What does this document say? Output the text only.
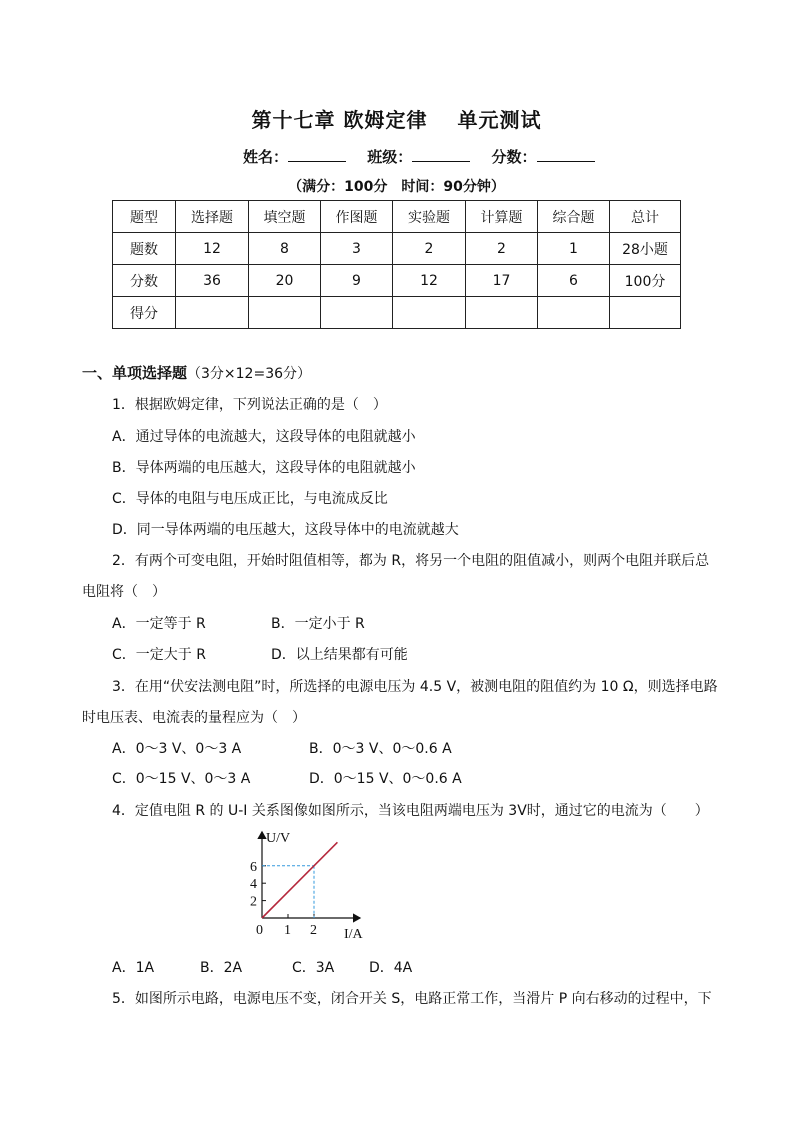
第十七章 欧姆定律 单元测试
姓名：	班级：	分数：
（满分：100分　时间：90分钟）
题型	选择题	填空题	作图题	实验题	计算题	综合题	总计
题数	12	8	3	2	2	1	28小题
分数	36	20	9	12	17	6	100分
得分							
一、单项选择题（3分×12=36分）
1．根据欧姆定律，下列说法正确的是（　）
A．通过导体的电流越大，这段导体的电阻就越小
B．导体两端的电压越大，这段导体的电阻就越小
C．导体的电阻与电压成正比，与电流成反比
D．同一导体两端的电压越大，这段导体中的电流就越大
2．有两个可变电阻，开始时阻值相等，都为 R，将另一个电阻的阻值减小，则两个电阻并联后总
电阻将（　）
A．一定等于 R	B．一定小于 R
C．一定大于 R	D．以上结果都有可能
3．在用“伏安法测电阻”时，所选择的电源电压为 4.5 V，被测电阻的阻值约为 10 Ω，则选择电路
时电压表、电流表的量程应为（　）
A．0～3 V、0～3 A	B．0～3 V、0～0.6 A
C．0～15 V、0～3 A	D．0～15 V、0～0.6 A
4．定值电阻 R 的 U-I 关系图像如图所示，当该电阻两端电压为 3V时，通过它的电流为（　　）
U/V
I/A
2
4
6
0 1 2
A．1A	B．2A	C．3A D．4A
5．如图所示电路，电源电压不变，闭合开关 S，电路正常工作，当滑片 P 向右移动的过程中，下
